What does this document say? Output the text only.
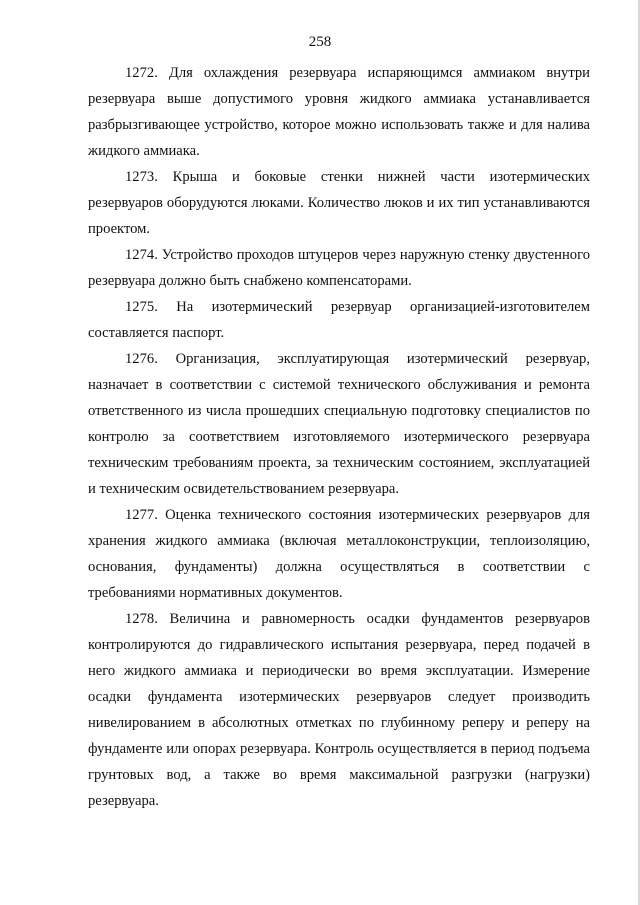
258

1272. Для охлаждения резервуара испаряющимся аммиаком внутри резервуара выше допустимого уровня жидкого аммиака устанавливается разбрызгивающее устройство, которое можно использовать также и для налива жидкого аммиака.

1273. Крыша и боковые стенки нижней части изотермических резервуаров оборудуются люками. Количество люков и их тип устанавливаются проектом.

1274. Устройство проходов штуцеров через наружную стенку двустенного резервуара должно быть снабжено компенсаторами.

1275. На изотермический резервуар организацией-изготовителем составляется паспорт.

1276. Организация, эксплуатирующая изотермический резервуар, назначает в соответствии с системой технического обслуживания и ремонта ответственного из числа прошедших специальную подготовку специалистов по контролю за соответствием изготовляемого изотермического резервуара техническим требованиям проекта, за техническим состоянием, эксплуатацией и техническим освидетельствованием резервуара.

1277. Оценка технического состояния изотермических резервуаров для хранения жидкого аммиака (включая металлоконструкции, теплоизоляцию, основания, фундаменты) должна осуществляться в соответствии с требованиями нормативных документов.

1278. Величина и равномерность осадки фундаментов резервуаров контролируются до гидравлического испытания резервуара, перед подачей в него жидкого аммиака и периодически во время эксплуатации. Измерение осадки фундамента изотермических резервуаров следует производить нивелированием в абсолютных отметках по глубинному реперу и реперу на фундаменте или опорах резервуара. Контроль осуществляется в период подъема грунтовых вод, а также во время максимальной разгрузки (нагрузки) резервуара.
